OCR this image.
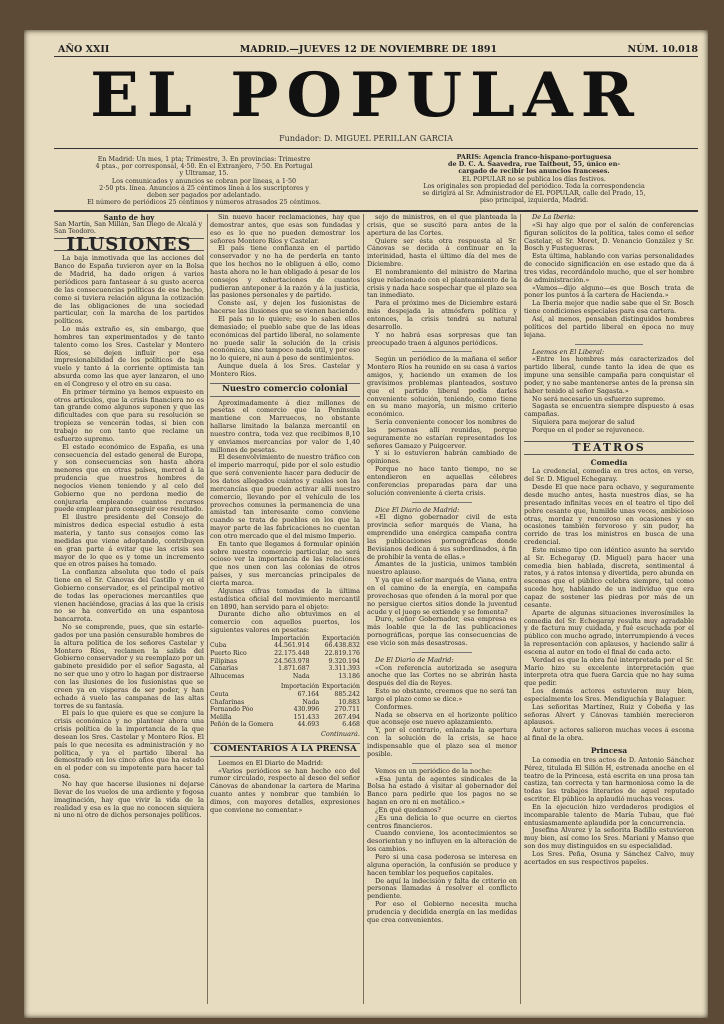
AÑO XXII	MADRID.—JUEVES 12 DE NOVIEMBRE DE 1891	NÚM. 10.018
EL POPULAR
Fundador: D. MIGUEL PERILLAN GARCIA
En Madrid: Un mes, 1 pta; Trimestre, 3. En provincias: Trimestre
4 ptas., por corresponsal, 4·50. En el Extranjero, 7·50. En Portugal
y Ultramar, 15.
Los comunicados y anuncios se cobran por lineas, a 1·50
2·50 pts. línea. Anuncios á 25 céntimos línea á los suscriptores y
deben ser pagados por adelantado.
El número de periódicos 25 céntimos y números atrasados 25 céntimos.
PARIS: Agencia franco-hispano-portuguesa
de D. C. A. Saavedra, rue Taitbout, 55, único en-
cargado de recibir los anuncios franceses.
EL POPULAR no se publica los días festivos.
Los originales son propiedad del periódico. Toda la correspondencia
se dirigirá al Sr. Administrador de EL POPULAR, calle del Prado, 15,
piso principal, izquierda, Madrid.
Santo de hoy
San Martín, San Millán, San Diego de Alcalá y San Teodoro.
ILUSIONES

La baja inmotivada que las acciones del Banco de España tuvieron ayer en la Bolsa de Madrid, ha dado origen á varios periódicos para fantasear á su gusto acerca de las consecuencias políticas de ese hecho, como si tuviera relación alguna la cotización de las obligaciones de una sociedad particular, con la marcha de los partidos políticos.

Lo más extraño es, sin embargo, que hombres tan experimentados y de tanto talento como los Sres. Castelar y Montero Ríos, se dejen influir por esa impresionabilidad de los políticos de baja vuelo y tanto á la corriente optimista tan absurda como las que ayer lanzaron, el uno en el Congreso y el otro en su casa.

En primer término ya hemos expuesto en otros artículos, que la crisis financiera no es tan grande como algunos suponen y que las dificultades con que para su resolución se tropieza se vencerán todas, si bien con trabajo no con tanto que reclame un esfuerzo supremo.

El estado económico de España, es una consecuencia del estado general de Europa, y son consecuencias son hasta ahora menores que en otras países, merced á la prudencia que nuestros hombres de negocios vienen teniendo y al celo del Gobierno que no perdona medio de conjurarla empleando cuantos recursos puede emplear para conseguir ese resultado.

El ilustre presidente del Consejo de ministros dedica especial estudio á esta materia, y tanto sus consejos como las medidas que viene adoptando, contribuyen en gran parte á evitar que las crisis sea mayor de lo que es y tome un incremento que en otros países ha tomado.

La confianza absoluta que todo el país tiene en el Sr. Cánovas del Castillo y en el Gobierno conservador, es el principal motivo de todas las operaciones mercantiles que vienen haciéndose, gracias á las que la crisis no se ha convertido en una espantosa bancarrota.

No se comprende, pues, que sin estarle-gados por una pasión censurable hombres de la altura política de los señores Castelar y Montero Ríos, reclamen la salida del Gobierno conservador y su reemplazo por un gabinete presidido por el señor Sagasta, al no ser que uno y otro lo hagan por distraerse con las ilusiones de los fusionistas que se creen ya en vísperas de ser poder, y han echado á vuelo las campanas de las altas torres de su fantasía.

El país lo que quiere es que se conjure la crisis económica y no plantear ahora una crisis política de la importancia de la que desean los Sres. Castelar y Montero Ríos. El país lo que necesita es administración y no política, y ya el partido liberal ha demostrado en los cinco años que ha estado en el poder con su impotente para hacer tal cosa.

No hay que hacerse ilusiones ni dejarse llevar de los vuelos de una ardiente y fogosa imaginación, hay que vivir la vida de la realidad y esa es la que no conocen siquiera ni uno ni otro de dichos personajes políticos.

Sin nuevo hacer reclamaciones, hay que demostrar antes, que esas son fundadas y eso es lo que no pueden demostrar los señores Montero Ríos y Castelar.

El país tiene confianza en el partido conservador y no ha de perderla en tanto que los hechos no le obliguen á ello, como hasta ahora no le han obligado á pesar de los consejos y exhortaciones de cuantos pudieran anteponer á la razón y á la justicia, las pasiones personales y de partido.

Conste así, y dejen los fusionistas de hacerse las ilusiones que se vienen haciendo.

El país no lo quiere; eso lo saben ellos demasiado; el pueblo sabe que de las ideas económicas del partido liberal, no solamente no puede salir la solución de la crisis económica, sino tampoco nada útil, y por eso no lo quiere, ni aun á peso de sentimientos.

Aunque duela á los Sres. Castelar y Montero Ríos.

Nuestro comercio colonial

Aproximadamente á diez millones de pesetas el comercio que la Península mantiene con Marruecos, no obstante hallarse limitado la balanza mercantil en nuestro contra, toda vez que recibimos 8,10 y enviamos mercancías por valor de 1,40 millones de pesetas.

El desenvolvimiento de nuestro tráfico con el imperio marroquí, pide por el solo estudio que será conveniente hacer para deducir de los datos allegados cuántos y cuáles son las mercancías que pueden activar allí nuestro comercio, llevando por el vehículo de los provechos comunes la permanencia de una amistad tan interesante como conviene cuando se trata de pueblos en los que la mayor parte de las fabricaciones no cuentan con otro mercado que el del mismo Imperio.

En tanto que llegamos á formular opinión sobre nuestro comercio particular, no será ocioso ver la importancia de las relaciones que nos unen con las colonias de otros países, y sus mercancías principales de cierta marca.

Algunas cifras tomadas de la última estadística oficial del movimiento mercantil en 1890, han servido para el objeto:

Durante dicho año obtuvimos en el comercio con aquellos puertos, los siguientes valores en pesetas:

	Importación	Exportación
Cuba	44.561.914	66.438.832
Puerto Rico	22.175.448	22.819.176
Filipinas	24.563.978	9.320.194
Canarias	1.871.687	3.311.393
Alhucemas	Nada	13.186
	Importación	Exportación
Ceuta	67.164	885.242
Chafarinas	Nada	10.883
Fernando Póo	430.996	270.711
Melilla	151.433	267.494
Peñón de la Gomera	44.693	6.468
Continuará.
COMENTARIOS Á LA PRENSA

Leemos en El Diario de Madrid:

«Varios periódicos se han hecho eco del rumor circulado, respecto al deseo del señor Cánovas de abandonar la cartera de Marina cuanto antes y nombrar que también lo dimos, con mayores detalles, expresiones que conviene no comentar.»

sejo de ministros, en el que planteada la crisis, que se suscitó para antes de la apertura de las Cortes.

Quiere ser ésta otra respuesta al Sr. Cánovas se decida á continuar en la interinidad, hasta el último día del mes de Diciembre.

El nombramiento del ministro de Marina sigue relacionado con el planteamiento de la crisis y nada hace sospechar que el plazo sea tan inmediato.

Para el próximo mes de Diciembre estará más despejada la atmósfera política y entonces, la crisis tendrá su natural desarrollo.

Y no habrá esas sorpresas que tan preocupado traen á algunos periódicos.

Según un periódico de la mañana el señor Montero Ríos ha reunido en su casa á varios amigos, y, haciendo un examen de los gravísimos problemas planteados, sostuvo que el partido liberal podía darles conveniente solución, teniendo, como tiene en su mano mayoría, un mismo criterio económico.

Sería conveniente conocer los nombres de las personas allí reunidas, porque seguramente no estarían representados los señores Gamazo y Puigcerver.

Y si lo estuvieron habrán cambiado de opiniones.

Porque no hace tanto tiempo, no se entendieron en aquellas célebres conferencias preparadas para dar una solución conveniente á cierta crisis.

Dice El Diario de Madrid:

«El digno gobernador civil de esta provincia señor marqués de Viana, ha emprendido una enérgica campaña contra las publicaciones pornográficas donde Bevisianos dedican á sus subordinados, á fin de prohibir la venta de ellas.»

Amantes de la justicia, unimos también nuestro aplauso.

Y ya que el señor marqués de Viana, entra en el camino de la energía, en campaña provechosas que ofenden á la moral por que no persigue ciertos sitios donde la juventud acude y el juego se extiende y se fomenta?

Duro, señor Gobernador, esa empresa es más loable que la de las publicaciones pornográficas, porque las consecuencias de ese vicio son más desastrosas.

De El Diario de Madrid:

«Con referencia autorizada se asegura anoche que las Cortes no se abrirán hasta después del día de Reyes.

Esto no obstante, creemos que no será tan largo el plazo como se dice.»

Conformes.

Nada se observa en el horizonte político que aconseje ese nuevo aplazamiento.

Y, por el contrario, enlazada la apertura con la solución de la crisis, se hace indispensable que el plazo sea el menor posible.

Vemos en un periódico de la noche:

«Esa junta de agentes sindicales de la Bolsa ha estado á visitar al gobernador del Banco para pedirle que los pagos no se hagan en oro ni en metálico.»

¿En qué quedamos?

¿Es una delicia lo que ocurre en ciertos centros financieros.

Cuando conviene, los acontecimientos se desorientan y no influyen en la alteración de los cambios.

Pero si una casa poderosa se interesa en alguna operación, la confusión se produce y hacen temblar los pequeños capitales.

De aquí la indecisión y falta de criterio en personas llamadas á resolver el conflicto pendiente.

Por eso el Gobierno necesita mucha prudencia y decidida energía en las medidas que crea convenientes.

De La Iberia:

«Si hay algo que por el salón de conferencias figuran solícitos de la política, tales como el señor Castelar, el Sr. Moret, D. Venancio González y Sr. Bosch y Fustegueras.

Esta última, hablando con varias personalidades de conocido significación en ese estado que da á tres vidas, recordándolo mucho, que el ser hombre de administración.»

«Vamos—dijo alguno—es que Bosch trata de poner los puntos á la cartera de Hacienda.»

La Iberia mejor que nadie sabe que el Sr. Bosch tiene condiciones especiales para esa cartera.

Así, al menos, pensaban distinguidos hombres políticos del partido liberal en época no muy lejana.

Leemos en El Liberal:

«Entre los hombres más caracterizados del partido liberal, cunde tanto la idea de que es impune una sensible campaña para conquistar el poder, y no sabe mantenerse antes de la prensa sin haber tenido al señor Sagasta.»

No será necesario un esfuerzo supremo.

Sagasta se encuentra siempre dispuesto á esas campañas.

Siquiera para mejorar de salud

Porque en el poder se rejuvenece.

TEATROS
Comedia

La credencial, comedia en tres actos, en verso, del Sr. D. Miguel Echegaray.

Desde El que nace para ochavo, y seguramente desde mucho antes, hasta nuestros días, se ha presentado infinitas veces en el teatro el tipo del pobre cesante que, humilde unas veces, ambicioso otras, mordaz y rencoroso en ocasiones y en ocasiones también fervoroso y sin pudor, ha corrido de tras los ministros en busca de una credencial.

Este mismo tipo con idéntico asunto ha servido al Sr. Echegaray (D. Miguel) para hacer una comedia bien hablada, discreta, sentimental á ratos, y á ratos intensa y divertida, pero abunda en escenas que el público celebra siempre, tal como sucede hoy, hablando de un individuo que era capaz de sostener las piedras por más de un cesante.

Aparte de algunas situaciones inverosímiles la comedia del Sr. Echegaray resulta muy agradable y de factura muy cuidada, y fué escuchada por el público con mucho agrado, interrumpiendo á veces la representación con aplausos, y haciendo salir á escena al autor en todo el final de cada acto.

Verdad es que la obra fué interpretada por el Sr. Mario hizo su excelente interpretación que interpreta otra que fuera Garcia que no hay suma que pedir.

Los demás actores estuvieron muy bien, especialmente los Sres. Mendiguchía y Balaguer.

Las señoritas Martínez, Ruiz y Cobeña y las señoras Alvert y Cánovas también merecieron aplausos.

Autor y actores salieron muchas veces á escena al final de la obra.

Princesa

La comedia en tres actos de D. Antonio Sánchez Pérez, titulada El Sillón H, estrenada anoche en el teatro de la Princesa, está escrita en una prosa tan castiza, tan correcta y tan harmoniosa como la de todas las trabajos literarios de aquel reputado escritor. El público la aplaudió muchas veces.

En la ejecución hizo verdaderos prodigios el incomparable talento de María Tubau, que fué entusiasmamente aplaudida por la concurrencia.

Josefina Alvarez y la señorita Badillo estuvieron muy bien, así como los Sres. Mariani y Manso que son dos muy distinguidos en su especialidad.

Los Sres. Peña, Osuna y Sánchez Calvo, muy acertados en sus respectivos papeles.
